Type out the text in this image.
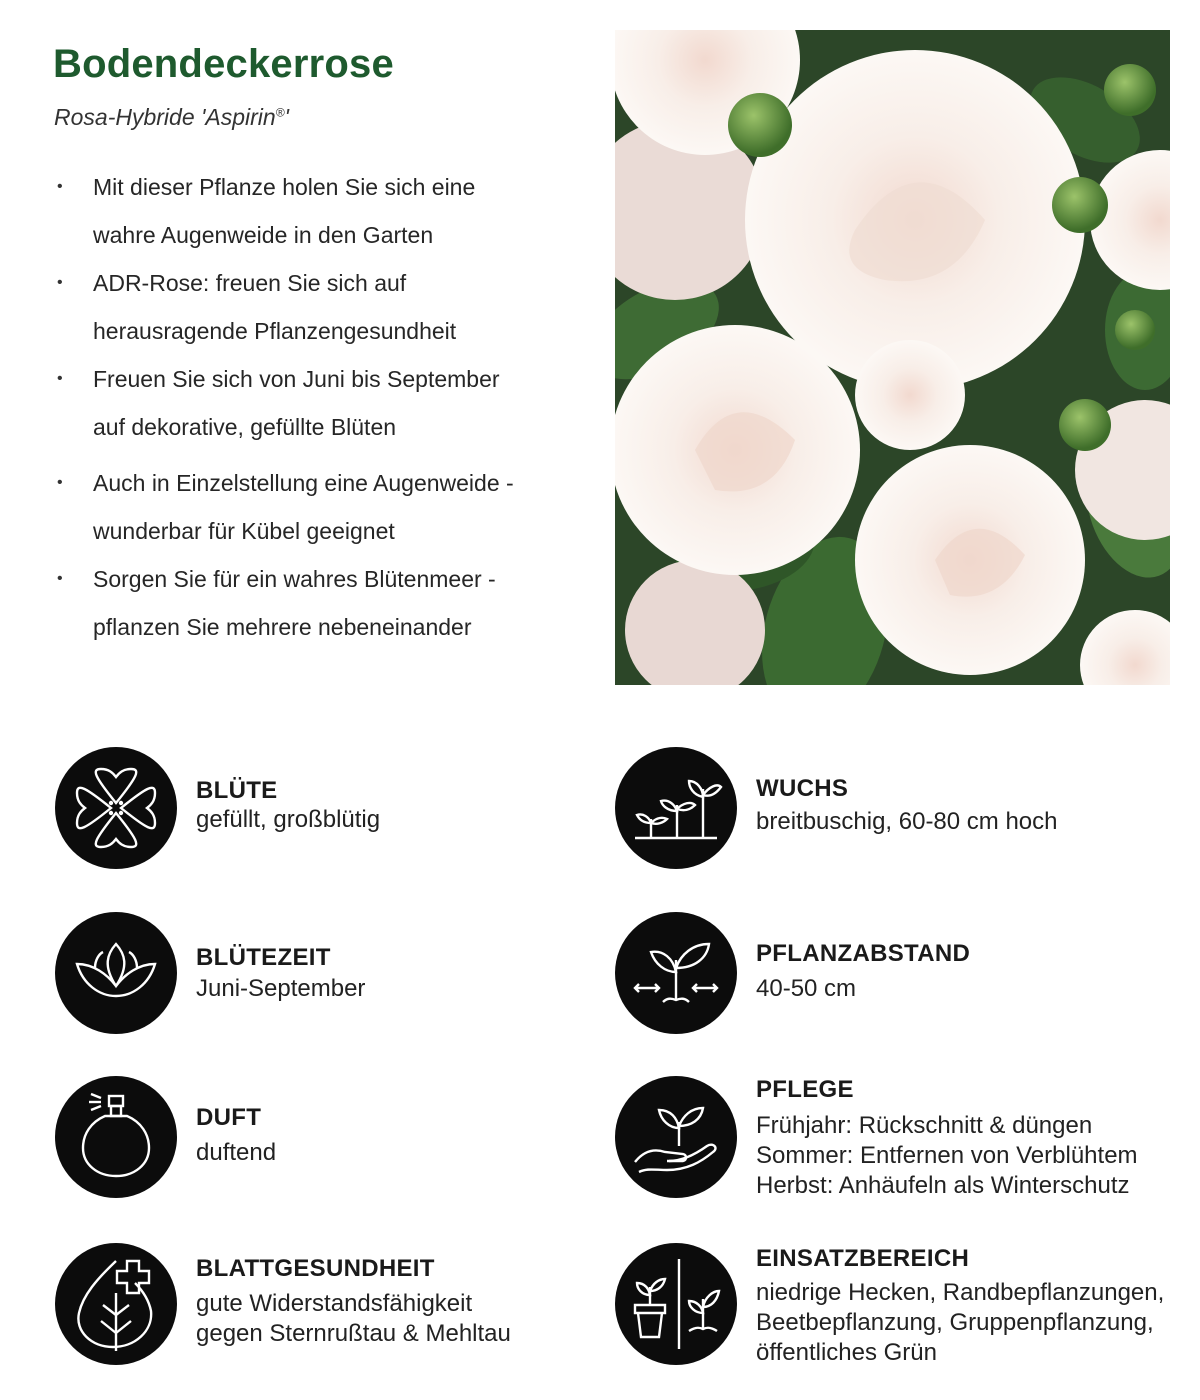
Bodendeckerrose
Rosa-Hybride 'Aspirin®'
• Mit dieser Pflanze holen Sie sich eine
wahre Augenweide in den Garten
• ADR-Rose: freuen Sie sich auf
herausragende Pflanzengesundheit
• Freuen Sie sich von Juni bis September
auf dekorative, gefüllte Blüten
• Auch in Einzelstellung eine Augenweide -
wunderbar für Kübel geeignet
• Sorgen Sie für ein wahres Blütenmeer -
pflanzen Sie mehrere nebeneinander
BLÜTE
gefüllt, großblütig
WUCHS
breitbuschig, 60-80 cm hoch
BLÜTEZEIT
Juni-September
PFLANZABSTAND
40-50 cm
DUFT
duftend
PFLEGE
Frühjahr: Rückschnitt & düngen
Sommer: Entfernen von Verblühtem
Herbst: Anhäufeln als Winterschutz
BLATTGESUNDHEIT
gute Widerstandsfähigkeit
gegen Sternrußtau & Mehltau
EINSATZBEREICH
niedrige Hecken, Randbepflanzungen,
Beetbepflanzung, Gruppenpflanzung,
öffentliches Grün
